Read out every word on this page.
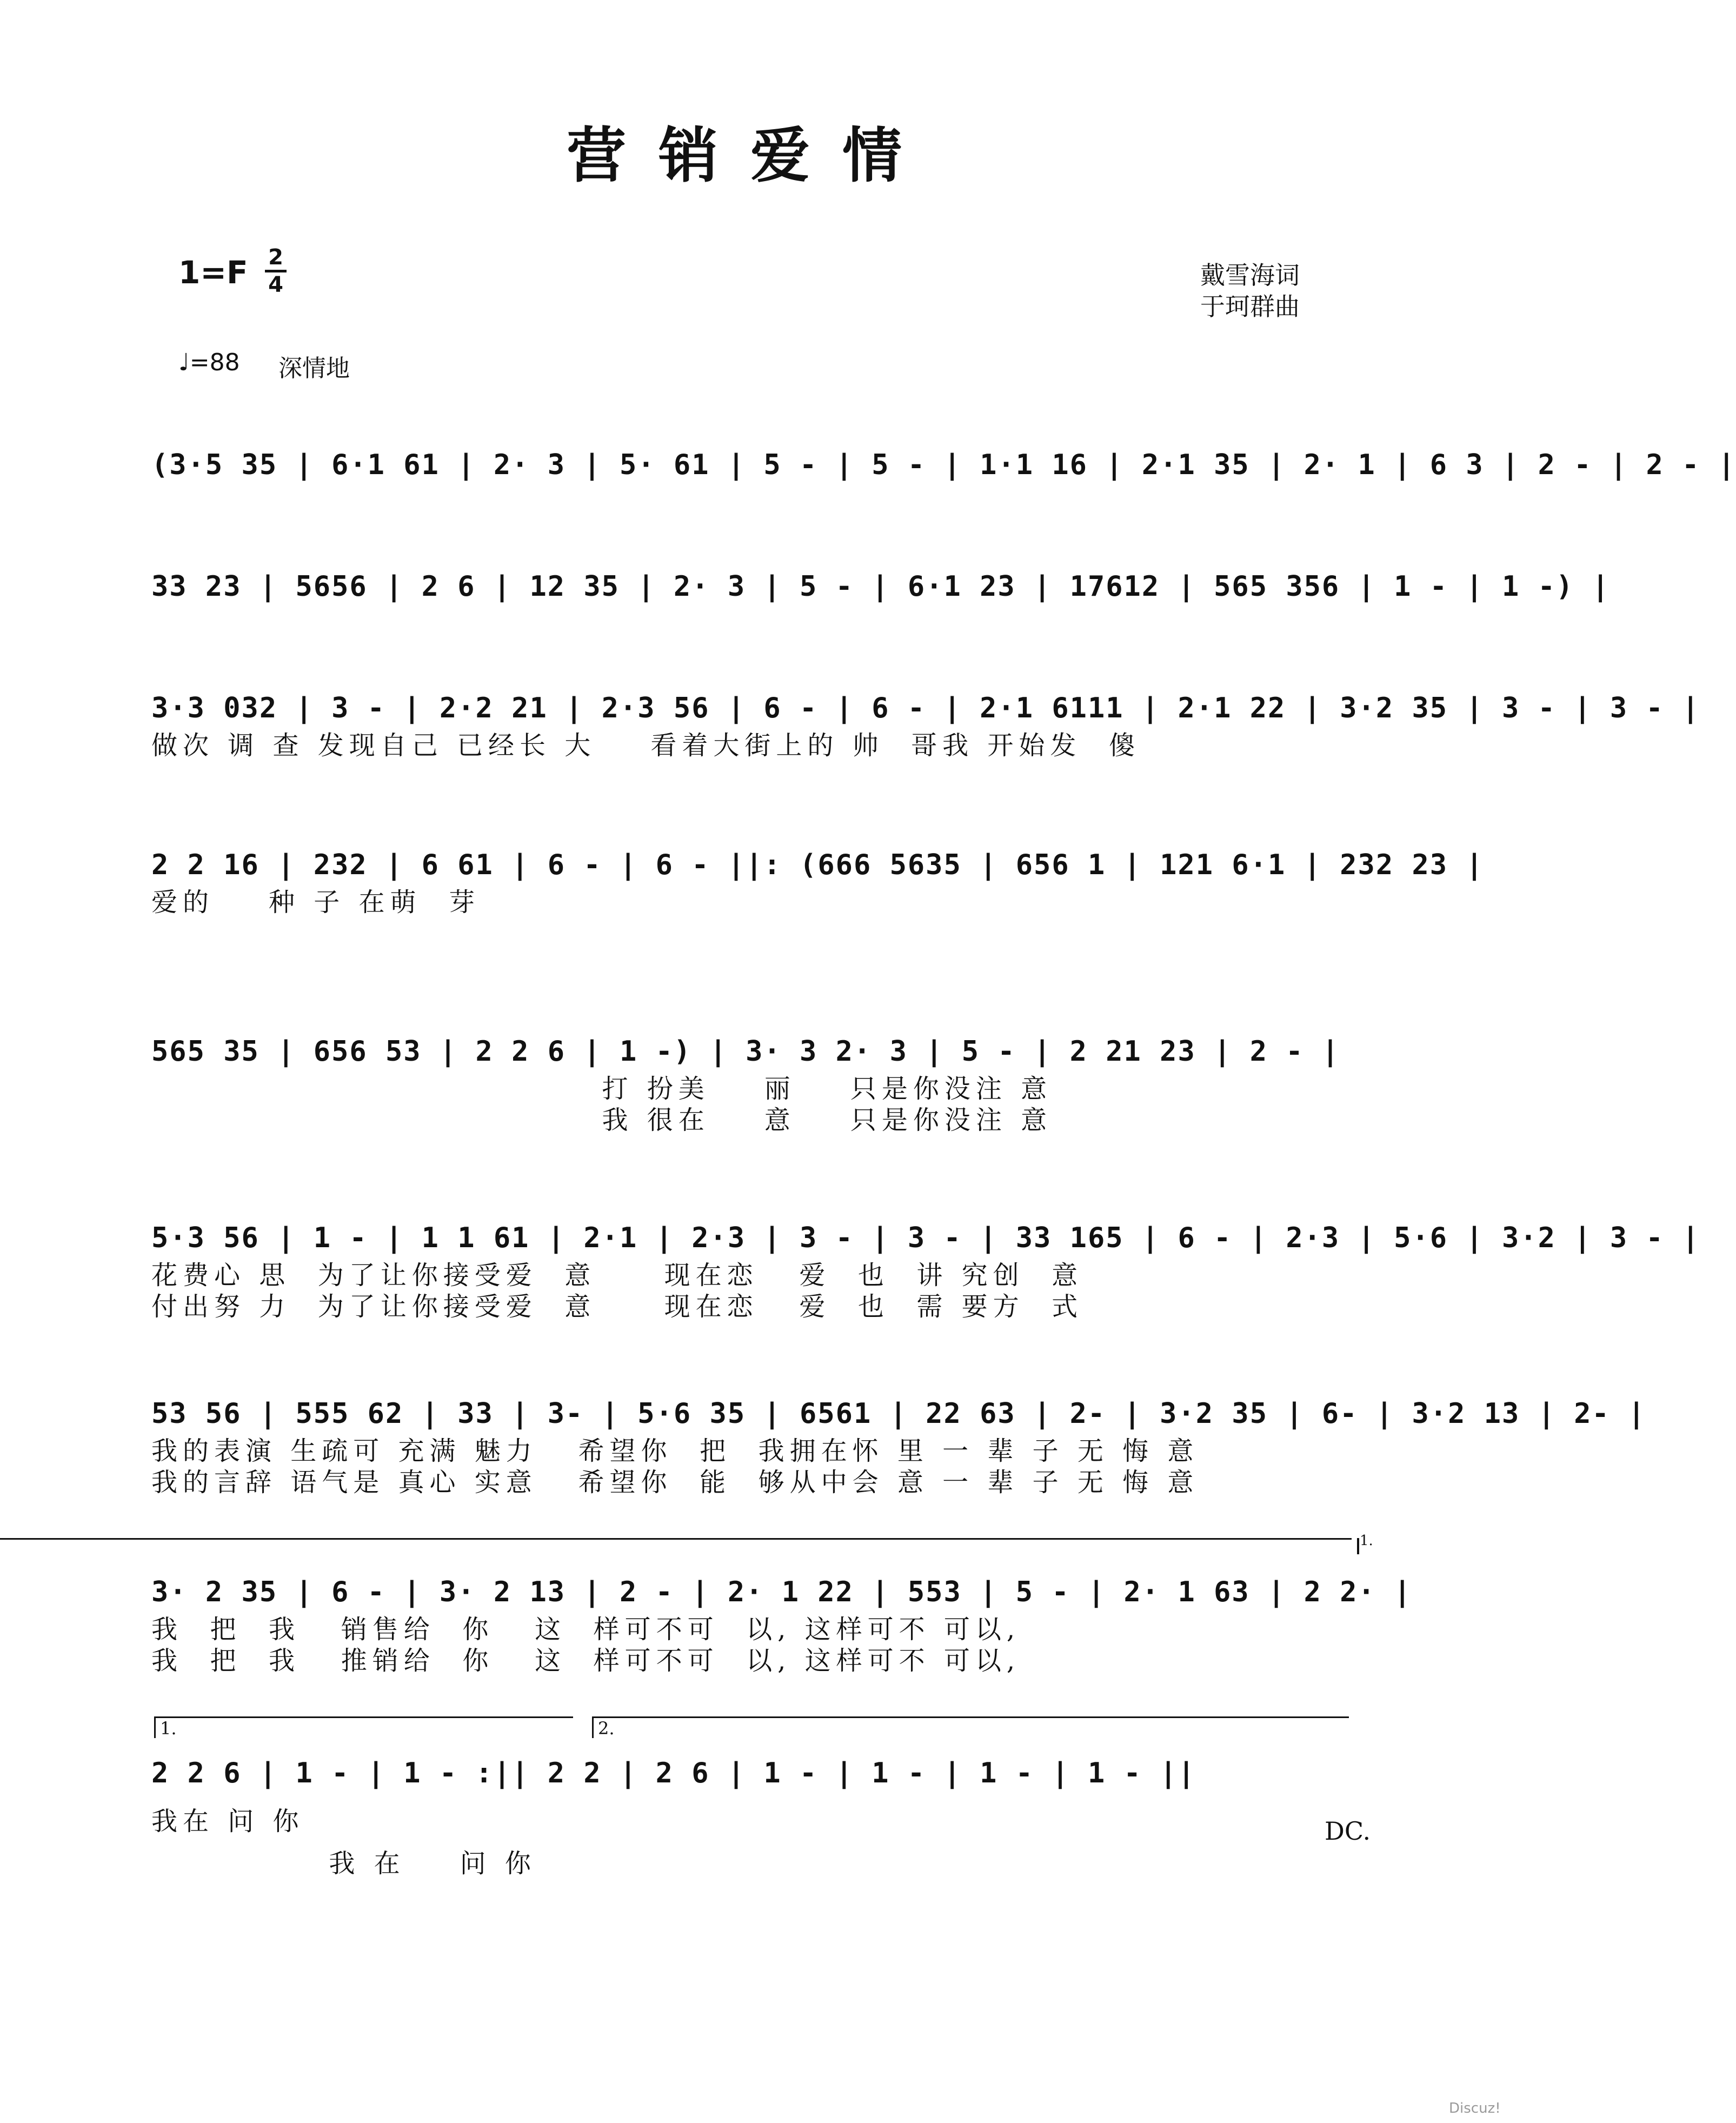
营销爱情
1=F 2
4	戴雪海词
于珂群曲
♩=88 深情地
(3·5 35 | 6·1 61 | 2· 3 | 5· 61 | 5 - | 5 - | 1·1 16 | 2·1 35 | 2· 1 | 6 3 | 2 - | 2 - |
33 23 | 5656 | 2 6 | 12 35 | 2· 3 | 5 - | 6·1 23 | 17612 | 565 356 | 1 - | 1 -) |
3·3 032 | 3 - | 2·2 21 | 2·3 56 | 6 - | 6 - | 2·1 6111 | 2·1 22 | 3·2 35 | 3 - | 3 - |
做次 调 查 发现自己 已经长 大    看着大街上的 帅  哥我 开始发  傻
2 2 16 | 232 | 6 61 | 6 - | 6 - ||: (666 5635 | 656 1 | 121 6·1 | 232 23 |
爱的    种 子 在萌  芽
565 35 | 656 53 | 2 2 6 | 1 -) | 3· 3 2· 3 | 5 - | 2 21 23 | 2 - |
打 扮美    丽    只是你没注 意
我 很在    意    只是你没注 意
5·3 56 | 1 - | 1 1 61 | 2·1 | 2·3 | 3 - | 3 - | 33 165 | 6 - | 2·3 | 5·6 | 3·2 | 3 - |
花费心 思  为了让你接受爱  意     现在恋   爱  也  讲 究创  意
付出努 力  为了让你接受爱  意     现在恋   爱  也  需 要方  式
53 56 | 555 62 | 33 | 3- | 5·6 35 | 6561 | 22 63 | 2- | 3·2 35 | 6- | 3·2 13 | 2- |
我的表演 生疏可 充满 魅力   希望你  把  我拥在怀 里 一 辈 子 无 悔 意
我的言辞 语气是 真心 实意   希望你  能  够从中会 意 一 辈 子 无 悔 意
1.
3· 2 35 | 6 - | 3· 2 13 | 2 - | 2· 1 22 | 553 | 5 - | 2· 1 63 | 2 2· |
我  把  我   销售给  你   这  样可不可  以, 这样可不 可以,
我  把  我   推销给  你   这  样可不可  以, 这样可不 可以,
1.	2.
2 2 6 | 1 - | 1 - :|| 2 2 | 2 6 | 1 - | 1 - | 1 - | 1 - ||
我在 问 你
我 在    问 你
DC.
Discuz!
